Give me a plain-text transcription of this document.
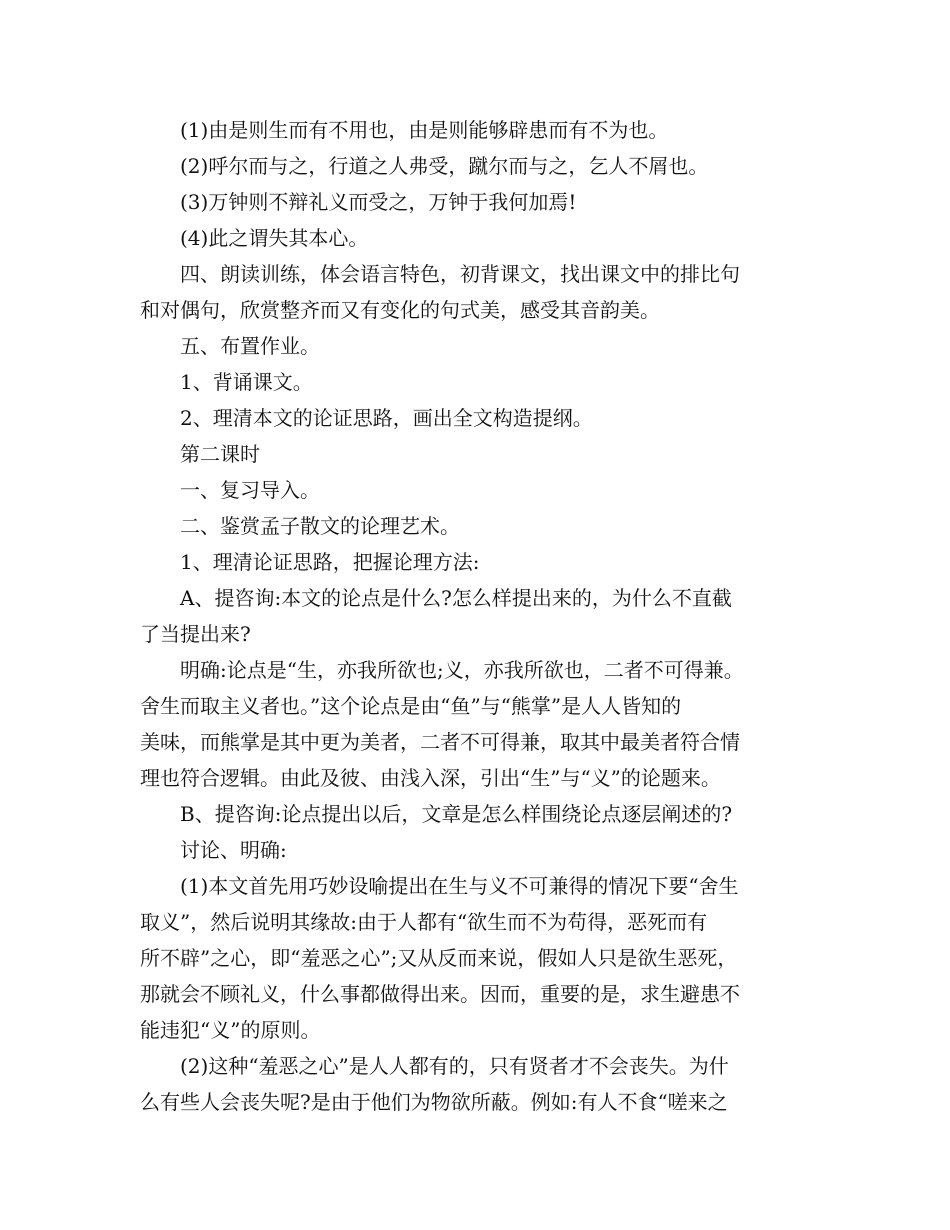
(1)由是则生而有不用也，由是则能够辟患而有不为也。
(2)呼尔而与之，行道之人弗受，蹴尔而与之，乞人不屑也。
(3)万钟则不辩礼义而受之，万钟于我何加焉!
(4)此之谓失其本心。
四、朗读训练，体会语言特色，初背课文，找出课文中的排比句
和对偶句，欣赏整齐而又有变化的句式美，感受其音韵美。
五、布置作业。
1、背诵课文。
2、理清本文的论证思路，画出全文构造提纲。
第二课时
一、复习导入。
二、鉴赏孟子散文的论理艺术。
1、理清论证思路，把握论理方法:
A、提咨询:本文的论点是什么?怎么样提出来的，为什么不直截
了当提出来?
明确:论点是“生，亦我所欲也;义，亦我所欲也，二者不可得兼。
舍生而取主义者也。”这个论点是由“鱼”与“熊掌”是人人皆知的
美味，而熊掌是其中更为美者，二者不可得兼，取其中最美者符合情
理也符合逻辑。由此及彼、由浅入深，引出“生”与“义”的论题来。
B、提咨询:论点提出以后，文章是怎么样围绕论点逐层阐述的?
讨论、明确:
(1)本文首先用巧妙设喻提出在生与义不可兼得的情况下要“舍生
取义”，然后说明其缘故:由于人都有“欲生而不为苟得，恶死而有
所不辟”之心，即“羞恶之心”;又从反而来说，假如人只是欲生恶死，
那就会不顾礼义，什么事都做得出来。因而，重要的是，求生避患不
能违犯“义”的原则。
(2)这种“羞恶之心”是人人都有的，只有贤者才不会丧失。为什
么有些人会丧失呢?是由于他们为物欲所蔽。例如:有人不食“嗟来之
